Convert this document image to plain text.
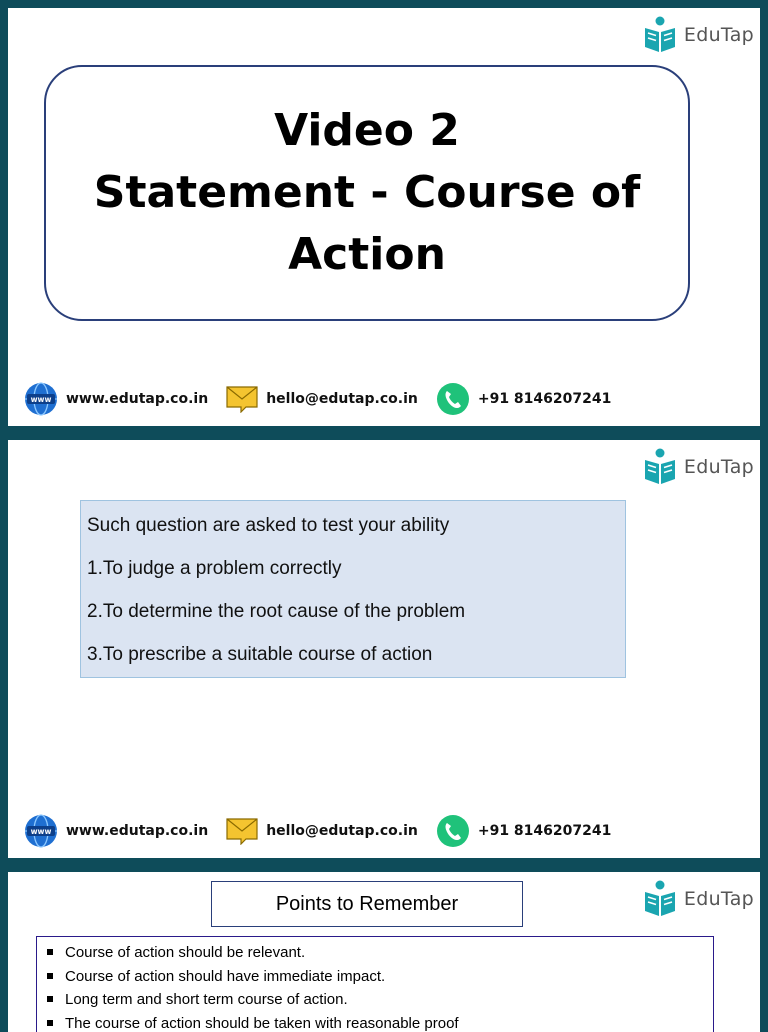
EduTap
Video 2
Statement - Course of
Action
www.edutap.co.in	hello@edutap.co.in	+91 8146207241
EduTap

Such question are asked to test your ability

1.To judge a problem correctly

2.To determine the root cause of the problem

3.To prescribe a suitable course of action

www.edutap.co.in	hello@edutap.co.in	+91 8146207241
EduTap
Points to Remember
Course of action should be relevant.
Course of action should have immediate impact.
Long term and short term course of action.
The course of action should be taken with reasonable proof
